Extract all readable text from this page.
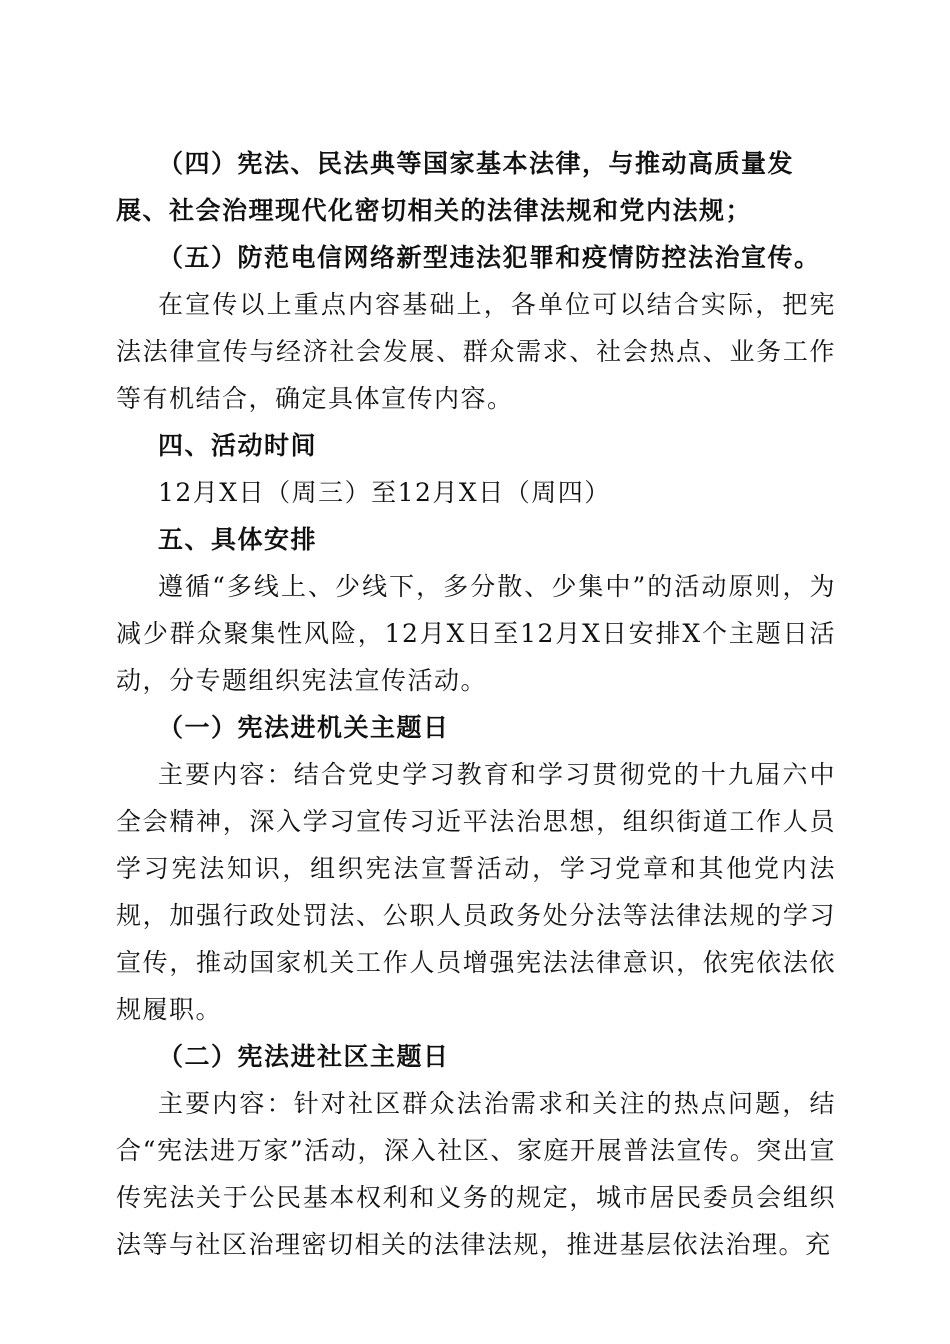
（四）宪法、民法典等国家基本法律，与推动高质量发展、社会治理现代化密切相关的法律法规和党内法规；

（五）防范电信网络新型违法犯罪和疫情防控法治宣传。

在宣传以上重点内容基础上，各单位可以结合实际，把宪法法律宣传与经济社会发展、群众需求、社会热点、业务工作等有机结合，确定具体宣传内容。

四、活动时间

12月X日（周三）至12月X日（周四）

五、具体安排

遵循“多线上、少线下，多分散、少集中”的活动原则，为减少群众聚集性风险，12月X日至12月X日安排X个主题日活动，分专题组织宪法宣传活动。

（一）宪法进机关主题日

主要内容：结合党史学习教育和学习贯彻党的十九届六中全会精神，深入学习宣传习近平法治思想，组织街道工作人员学习宪法知识，组织宪法宣誓活动，学习党章和其他党内法规，加强行政处罚法、公职人员政务处分法等法律法规的学习宣传，推动国家机关工作人员增强宪法法律意识，依宪依法依规履职。

（二）宪法进社区主题日

主要内容：针对社区群众法治需求和关注的热点问题，结合“宪法进万家”活动，深入社区、家庭开展普法宣传。突出宣传宪法关于公民基本权利和义务的规定，城市居民委员会组织法等与社区治理密切相关的法律法规，推进基层依法治理。充
